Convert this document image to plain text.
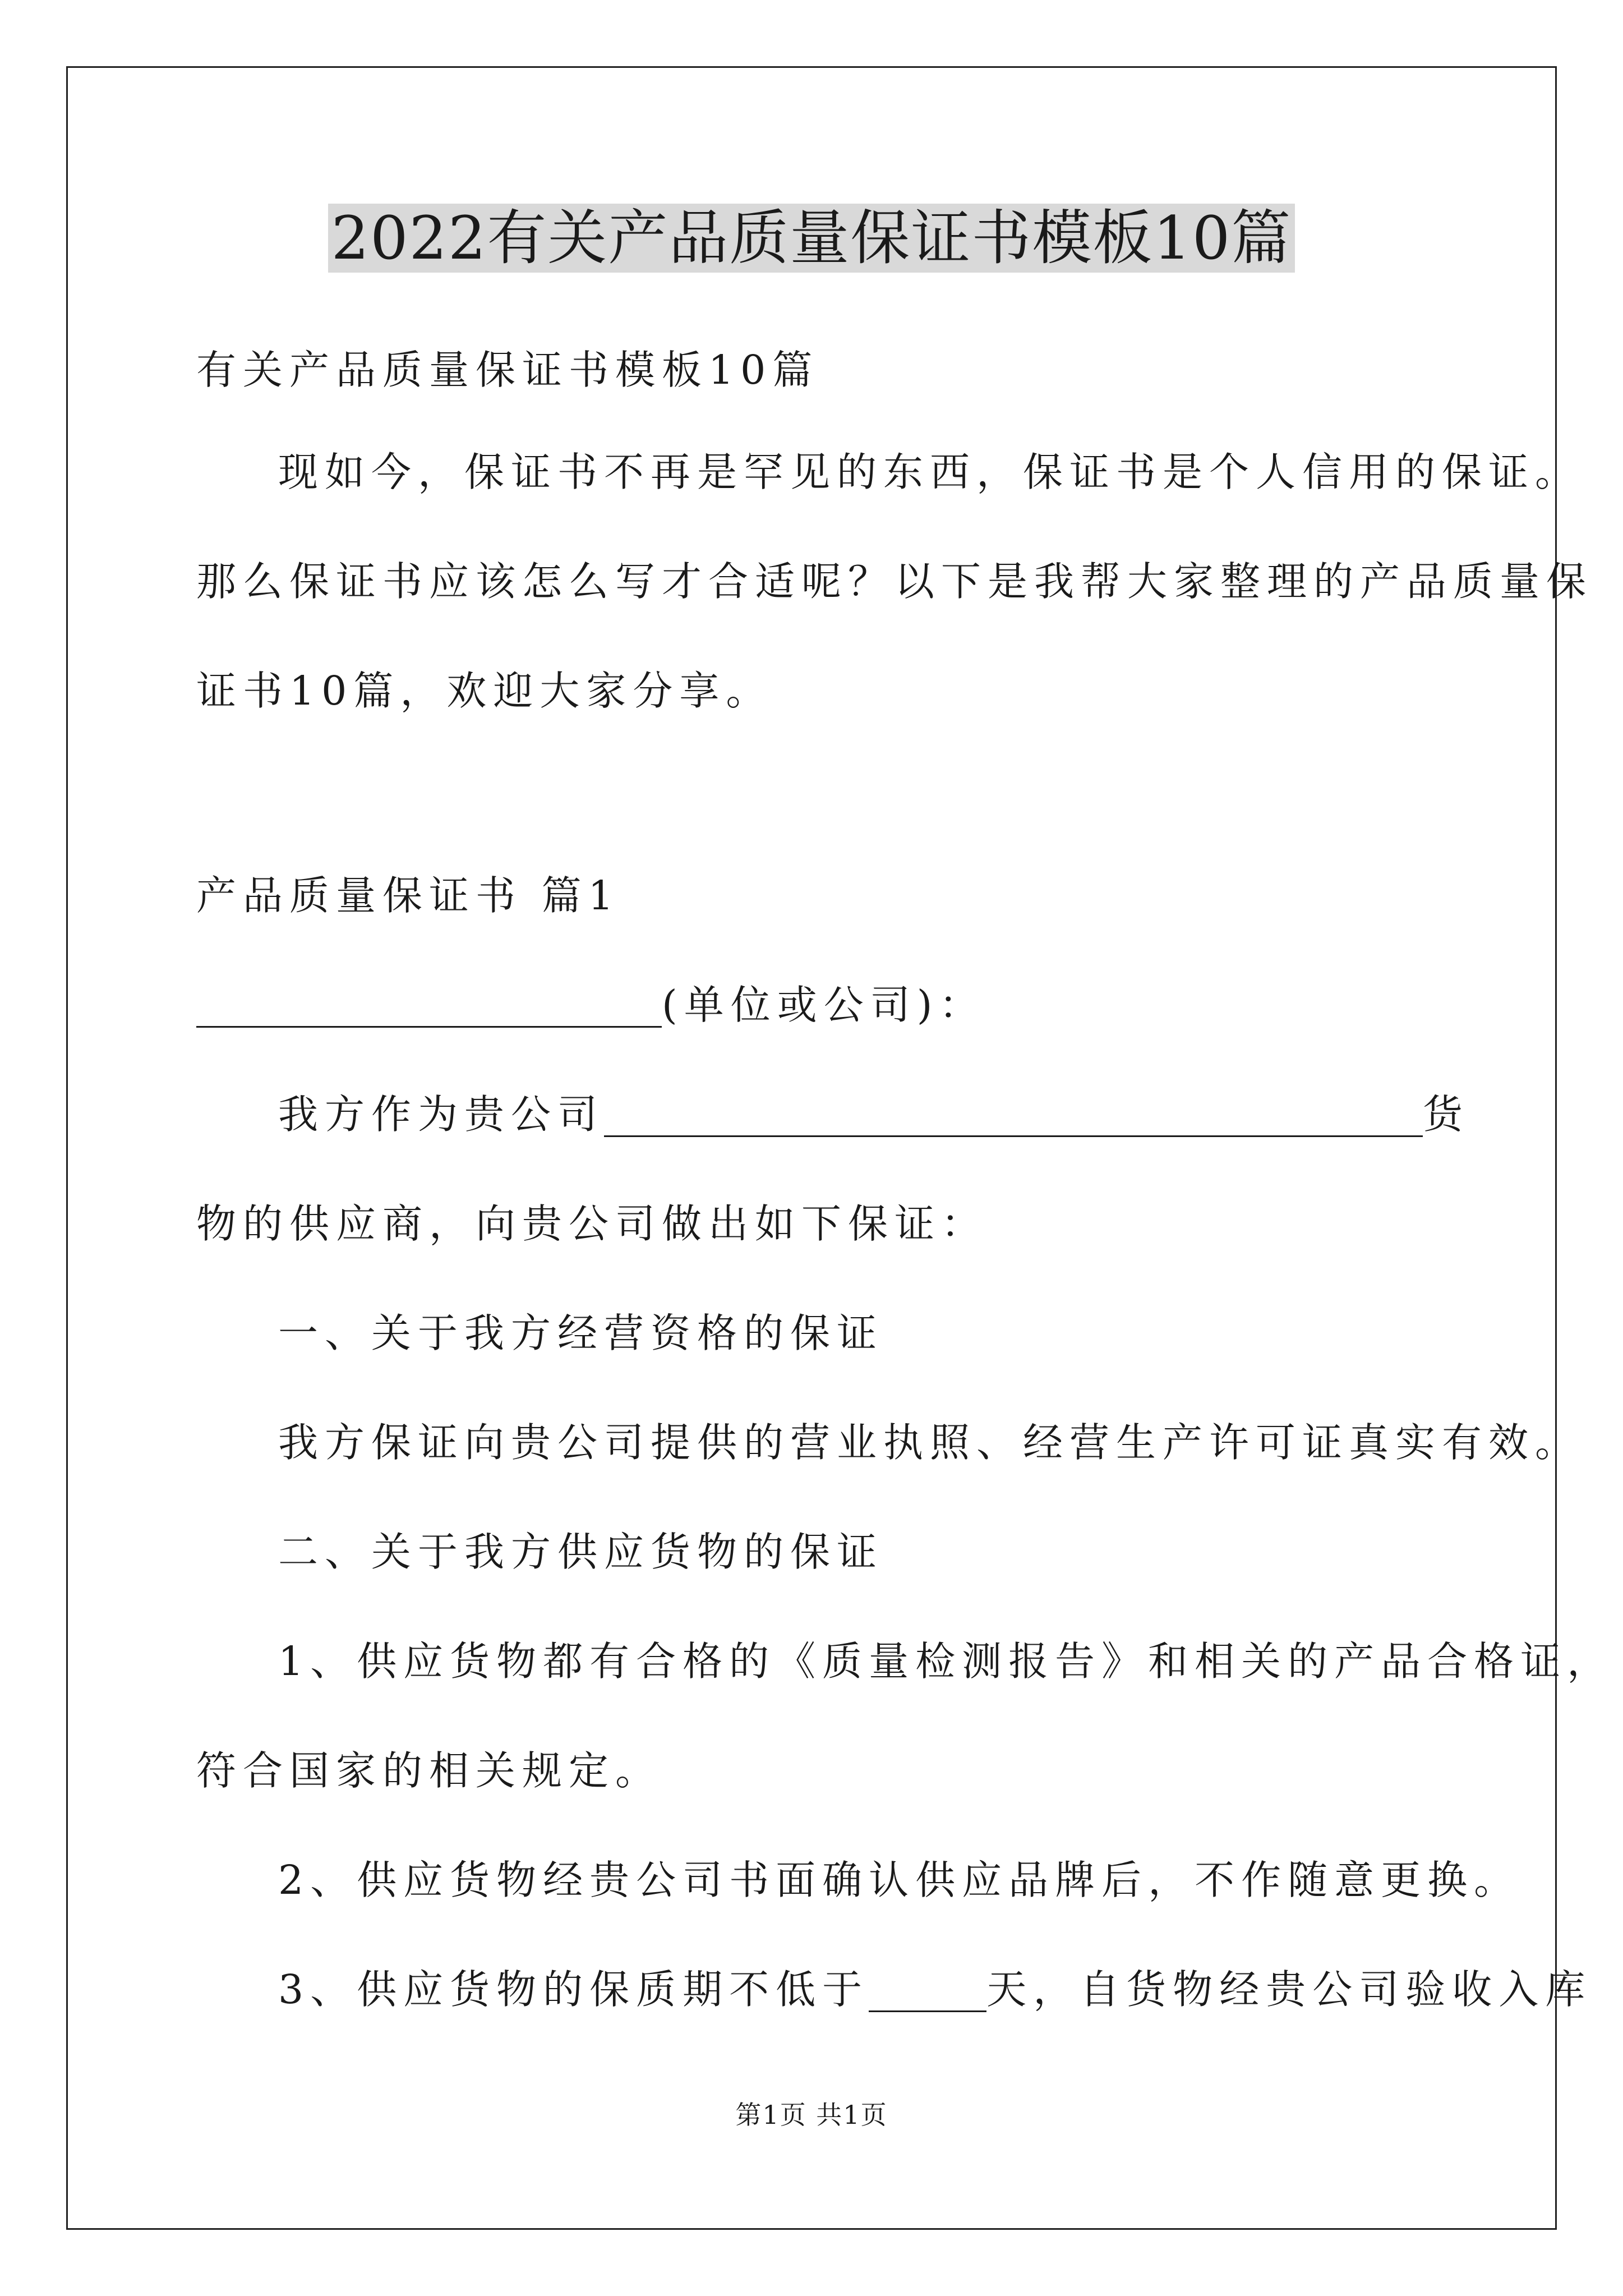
2022有关产品质量保证书模板10篇

有关产品质量保证书模板10篇

现如今，保证书不再是罕见的东西，保证书是个人信用的保证。

那么保证书应该怎么写才合适呢？以下是我帮大家整理的产品质量保

证书10篇，欢迎大家分享。

产品质量保证书 篇1

(单位或公司)：

我方作为贵公司	货

物的供应商，向贵公司做出如下保证：

一、关于我方经营资格的保证

我方保证向贵公司提供的营业执照、经营生产许可证真实有效。

二、关于我方供应货物的保证

1、供应货物都有合格的《质量检测报告》和相关的产品合格证，

符合国家的相关规定。

2、供应货物经贵公司书面确认供应品牌后，不作随意更换。

3、供应货物的保质期不低于	天，自货物经贵公司验收入库

第1页 共1页
